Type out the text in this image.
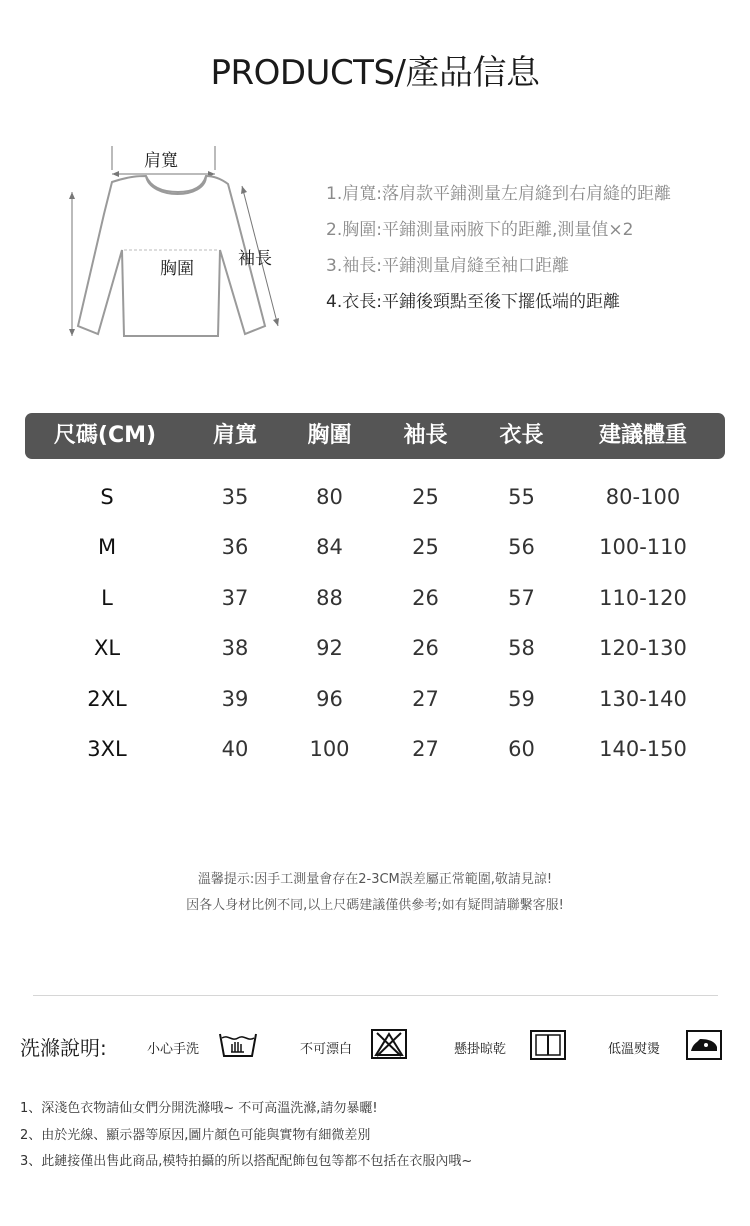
PRODUCTS/產品信息
肩寬
胸圍	袖長
1.肩寬:落肩款平鋪測量左肩縫到右肩縫的距離
2.胸圍:平鋪測量兩腋下的距離,測量值×2
3.袖長:平鋪測量肩縫至袖口距離
4.衣長:平鋪後頸點至後下擺低端的距離
尺碼(CM)	肩寬	胸圍	袖長	衣長	建議體重
S	35	80	25	55	80-100
M	36	84	25	56	100-110
L	37	88	26	57	110-120
XL	38	92	26	58	120-130
2XL	39	96	27	59	130-140
3XL	40	100	27	60	140-150
溫馨提示:因手工測量會存在2-3CM誤差屬正常範圍,敬請見諒!
因各人身材比例不同,以上尺碼建議僅供參考;如有疑問請聯繫客服!
洗滌說明:	小心手洗	不可漂白	懸掛晾乾	低溫熨燙
1、深淺色衣物請仙女們分開洗滌哦~ 不可高溫洗滌,請勿暴曬!
2、由於光線、顯示器等原因,圖片顏色可能與實物有細微差別
3、此鏈接僅出售此商品,模特拍攝的所以搭配配飾包包等都不包括在衣服內哦~
